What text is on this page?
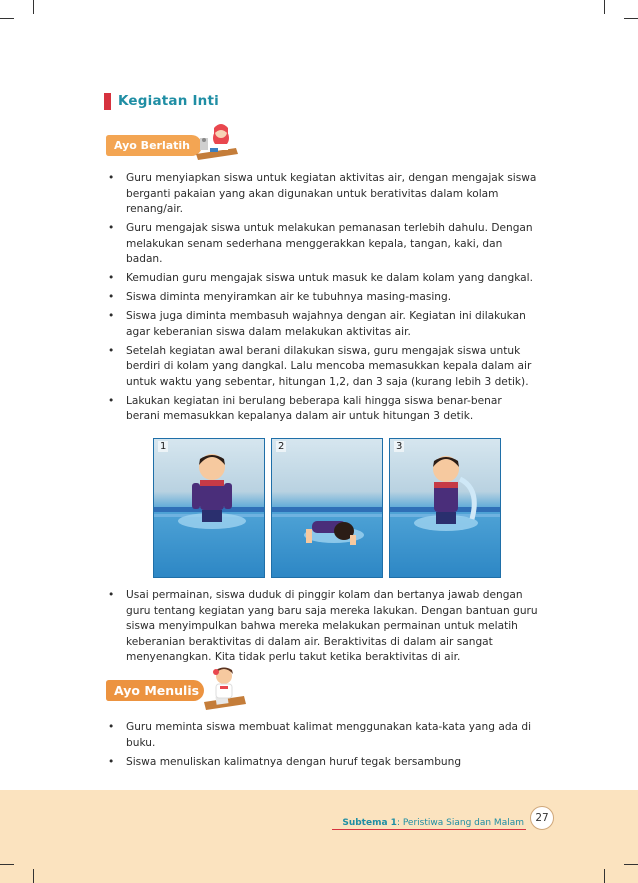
Kegiatan Inti
Ayo Berlatih
• Guru menyiapkan siswa untuk kegiatan aktivitas air, dengan mengajak siswa berganti pakaian yang akan digunakan untuk berativitas dalam kolam renang/air.
• Guru mengajak siswa untuk melakukan pemanasan terlebih dahulu. Dengan melakukan senam sederhana menggerakkan kepala, tangan, kaki, dan badan.
• Kemudian guru mengajak siswa untuk masuk ke dalam kolam yang dangkal.
• Siswa diminta menyiramkan air ke tubuhnya masing-masing.
• Siswa juga diminta membasuh wajahnya dengan air. Kegiatan ini dilakukan agar keberanian siswa dalam melakukan aktivitas air.
• Setelah kegiatan awal berani dilakukan siswa, guru mengajak siswa untuk berdiri di kolam yang dangkal. Lalu mencoba memasukkan kepala dalam air untuk waktu yang sebentar, hitungan 1,2, dan 3 saja (kurang lebih 3 detik).
• Lakukan kegiatan ini berulang beberapa kali hingga siswa benar-benar berani memasukkan kepalanya dalam air untuk hitungan 3 detik.
1	2	3
• Usai permainan, siswa duduk di pinggir kolam dan bertanya jawab dengan guru tentang kegiatan yang baru saja mereka lakukan. Dengan bantuan guru siswa menyimpulkan bahwa mereka melakukan permainan untuk melatih keberanian beraktivitas di dalam air. Beraktivitas di dalam air sangat menyenangkan. Kita tidak perlu takut ketika beraktivitas di air.
Ayo Menulis
• Guru meminta siswa membuat kalimat menggunakan kata-kata yang ada di buku.
• Siswa menuliskan kalimatnya dengan huruf tegak bersambung
Subtema 1: Peristiwa Siang dan Malam	27
